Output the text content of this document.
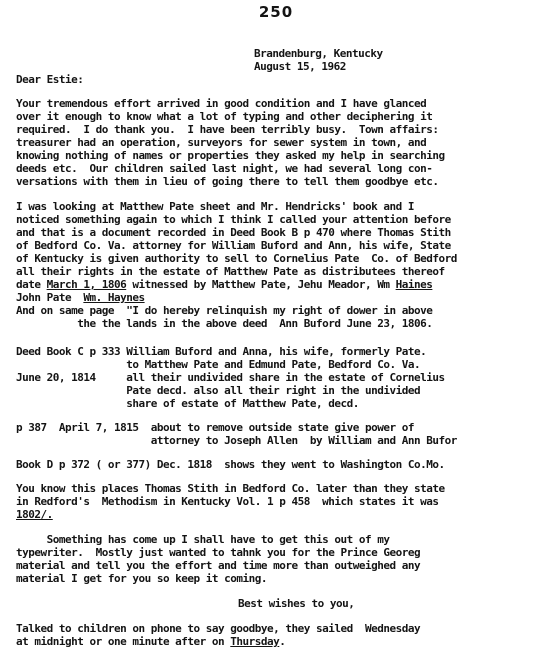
250
Brandenburg, Kentucky
August 15, 1962
Dear Estie:
Your tremendous effort arrived in good condition and I have glanced
over it enough to know what a lot of typing and other deciphering it
required.  I do thank you.  I have been terribly busy.  Town affairs:
treasurer had an operation, surveyors for sewer system in town, and
knowing nothing of names or properties they asked my help in searching
deeds etc.  Our children sailed last night, we had several long con-
versations with them in lieu of going there to tell them goodbye etc.
I was looking at Matthew Pate sheet and Mr. Hendricks' book and I
noticed something again to which I think I called your attention before
and that is a document recorded in Deed Book B p 470 where Thomas Stith
of Bedford Co. Va. attorney for William Buford and Ann, his wife, State
of Kentucky is given authority to sell to Cornelius Pate  Co. of Bedford
all their rights in the estate of Matthew Pate as distributees thereof
date March 1, 1806 witnessed by Matthew Pate, Jehu Meador, Wm Haines
John Pate  Wm. Haynes
And on same page  "I do hereby relinquish my right of dower in above
the the lands in the above deed  Ann Buford June 23, 1806.
Deed Book C p 333 William Buford and Anna, his wife, formerly Pate.
to Matthew Pate and Edmund Pate, Bedford Co. Va.
June 20, 1814     all their undivided share in the estate of Cornelius
Pate decd. also all their right in the undivided
share of estate of Matthew Pate, decd.
p 387  April 7, 1815  about to remove outside state give power of
attorney to Joseph Allen  by William and Ann Bufor
Book D p 372 ( or 377) Dec. 1818  shows they went to Washington Co.Mo.
You know this places Thomas Stith in Bedford Co. later than they state
in Redford's  Methodism in Kentucky Vol. 1 p 458  which states it was
1802/.
Something has come up I shall have to get this out of my
typewriter.  Mostly just wanted to tahnk you for the Prince Georeg
material and tell you the effort and time more than outweighed any
material I get for you so keep it coming.
Best wishes to you,
Talked to children on phone to say goodbye, they sailed  Wednesday
at midnight or one minute after on Thursday.
